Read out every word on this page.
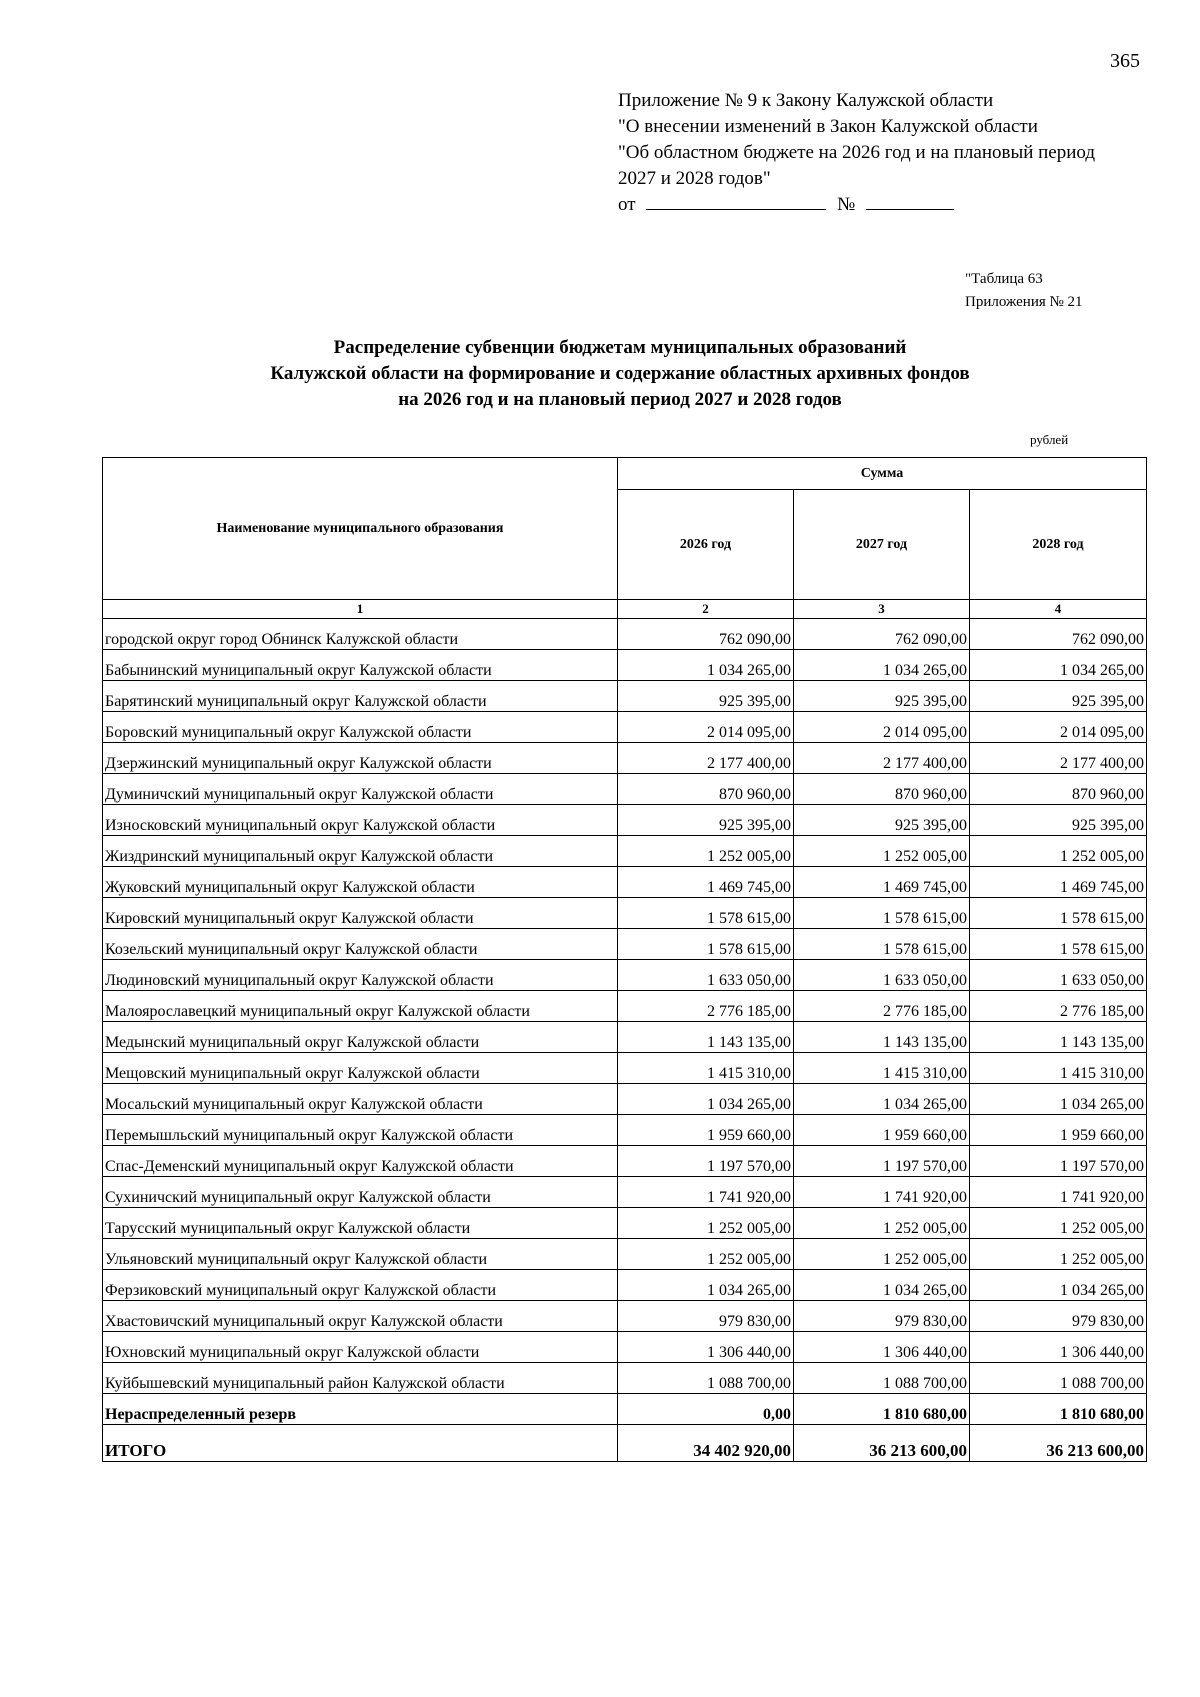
365
Приложение № 9 к Закону Калужской области
"О внесении изменений в Закон Калужской области
"Об областном бюджете на 2026 год и на плановый период
2027 и 2028 годов"
от	№
"Таблица 63
Приложения № 21
Распределение субвенции бюджетам муниципальных образований
Калужской области на формирование и содержание областных архивных фондов
на 2026 год и на плановый период 2027 и 2028 годов
рублей
Наименование муниципального образования	Сумма		
	2026 год	2027 год	2028 год
1	2	3	4
городской округ город Обнинск Калужской области	762 090,00	762 090,00	762 090,00
Бабынинский муниципальный округ Калужской области	1 034 265,00	1 034 265,00	1 034 265,00
Барятинский муниципальный округ Калужской области	925 395,00	925 395,00	925 395,00
Боровский муниципальный округ Калужской области	2 014 095,00	2 014 095,00	2 014 095,00
Дзержинский муниципальный округ Калужской области	2 177 400,00	2 177 400,00	2 177 400,00
Думиничский муниципальный округ Калужской области	870 960,00	870 960,00	870 960,00
Износковский муниципальный округ Калужской области	925 395,00	925 395,00	925 395,00
Жиздринский муниципальный округ Калужской области	1 252 005,00	1 252 005,00	1 252 005,00
Жуковский муниципальный округ Калужской области	1 469 745,00	1 469 745,00	1 469 745,00
Кировский муниципальный округ Калужской области	1 578 615,00	1 578 615,00	1 578 615,00
Козельский муниципальный округ Калужской области	1 578 615,00	1 578 615,00	1 578 615,00
Людиновский муниципальный округ Калужской области	1 633 050,00	1 633 050,00	1 633 050,00
Малоярославецкий муниципальный округ Калужской области	2 776 185,00	2 776 185,00	2 776 185,00
Медынский муниципальный округ Калужской области	1 143 135,00	1 143 135,00	1 143 135,00
Мещовский муниципальный округ Калужской области	1 415 310,00	1 415 310,00	1 415 310,00
Мосальский муниципальный округ Калужской области	1 034 265,00	1 034 265,00	1 034 265,00
Перемышльский муниципальный округ Калужской области	1 959 660,00	1 959 660,00	1 959 660,00
Спас-Деменский муниципальный округ Калужской области	1 197 570,00	1 197 570,00	1 197 570,00
Сухиничский муниципальный округ Калужской области	1 741 920,00	1 741 920,00	1 741 920,00
Тарусский муниципальный округ Калужской области	1 252 005,00	1 252 005,00	1 252 005,00
Ульяновский муниципальный округ Калужской области	1 252 005,00	1 252 005,00	1 252 005,00
Ферзиковский муниципальный округ Калужской области	1 034 265,00	1 034 265,00	1 034 265,00
Хвастовичский муниципальный округ Калужской области	979 830,00	979 830,00	979 830,00
Юхновский муниципальный округ Калужской области	1 306 440,00	1 306 440,00	1 306 440,00
Куйбышевский муниципальный район Калужской области	1 088 700,00	1 088 700,00	1 088 700,00
Нераспределенный резерв	0,00	1 810 680,00	1 810 680,00
ИТОГО	34 402 920,00	36 213 600,00	36 213 600,00
